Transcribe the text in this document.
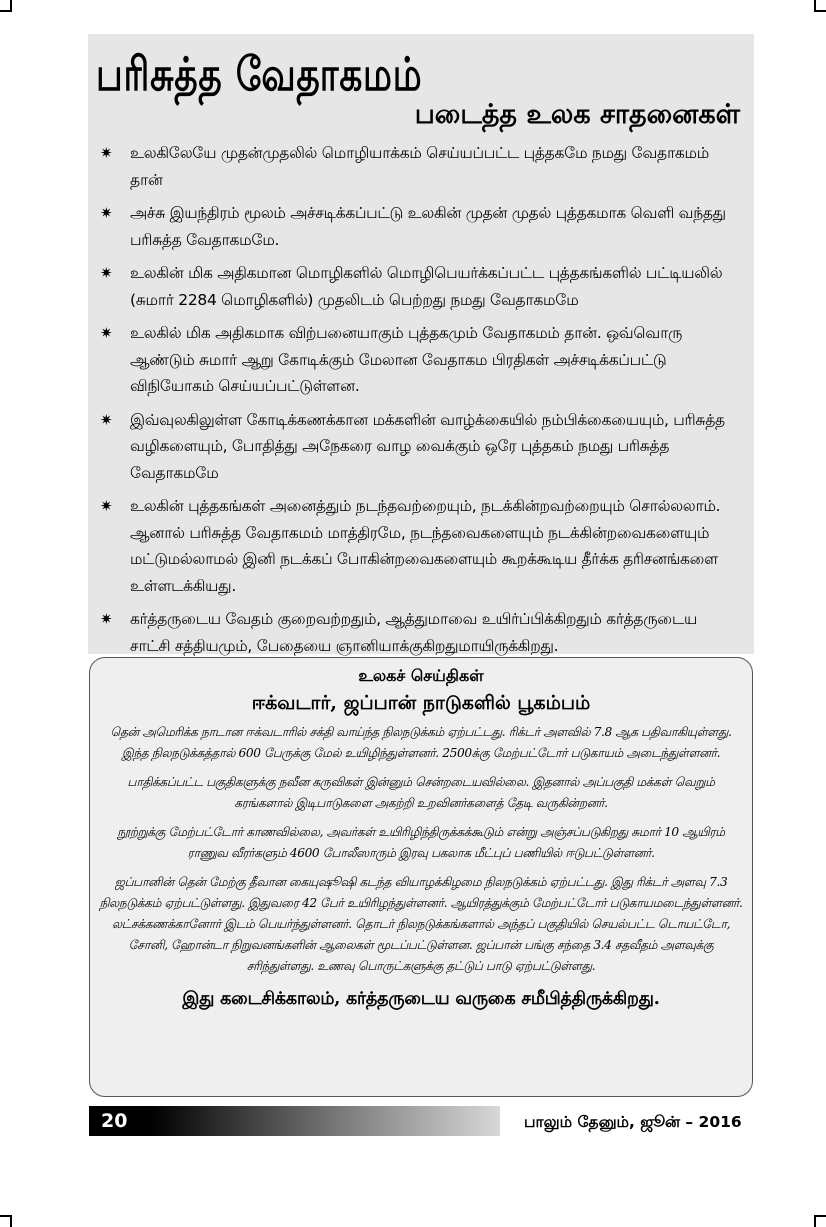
பரிசுத்த வேதாகமம்
படைத்த உலக சாதனைகள்
✷	உலகிலேயே முதன்முதலில் மொழியாக்கம் செய்யப்பட்ட புத்தகமே நமது வேதாகமம் தான்
✷	அச்சு இயந்திரம் மூலம் அச்சடிக்கப்பட்டு உலகின் முதன் முதல் புத்தகமாக வெளி வந்தது பரிசுத்த வேதாகமமே.
✷	உலகின் மிக அதிகமான மொழிகளில் மொழிபெயர்க்கப்பட்ட புத்தகங்களில் பட்டியலில் (சுமார் 2284 மொழிகளில்) முதலிடம் பெற்றது நமது வேதாகமமே
✷	உலகில் மிக அதிகமாக விற்பனையாகும் புத்தகமும் வேதாகமம் தான். ஒவ்வொரு ஆண்டும் சுமார் ஆறு கோடிக்கும் மேலான வேதாகம பிரதிகள் அச்சடிக்கப்பட்டு விநியோகம் செய்யப்பட்டுள்ளன.
✷	இவ்வுலகிலுள்ள கோடிக்கணக்கான மக்களின் வாழ்க்கையில் நம்பிக்கையையும், பரிசுத்த வழிகளையும், போதித்து அநேகரை வாழ வைக்கும் ஒரே புத்தகம் நமது பரிசுத்த வேதாகமமே
✷	உலகின் புத்தகங்கள் அனைத்தும் நடந்தவற்றையும், நடக்கின்றவற்றையும் சொல்லலாம். ஆனால் பரிசுத்த வேதாகமம் மாத்திரமே, நடந்தவைகளையும் நடக்கின்றவைகளையும் மட்டுமல்லாமல் இனி நடக்கப் போகின்றவைகளையும் கூறக்கூடிய தீர்க்க தரிசனங்களை உள்ளடக்கியது.
✷	கர்த்தருடைய வேதம் குறைவற்றதும், ஆத்துமாவை உயிர்ப்பிக்கிறதும் கர்த்தருடைய சாட்சி சத்தியமும், பேதையை ஞானியாக்குகிறதுமாயிருக்கிறது.
உலகச் செய்திகள்
ஈக்வடார், ஜப்பான் நாடுகளில் பூகம்பம்

தென் அமெரிக்க நாடான ஈக்வடாரில் சக்தி வாய்ந்த நிலநடுக்கம் ஏற்பட்டது. ரிக்டர் அளவில் 7.8 ஆக பதிவாகியுள்ளது. இந்த நிலநடுக்கத்தால் 600 பேருக்கு மேல் உயிழிந்துள்ளனர். 2500க்கு மேற்பட்டோர் படுகாயம் அடைந்துள்ளனர்.

பாதிக்கப்பட்ட பகுதிகளுக்கு நவீன கருவிகள் இன்னும் சென்றடையவில்லை. இதனால் அப்பகுதி மக்கள் வெறும் கரங்களால் இடிபாடுகளை அகற்றி உறவினர்களைத் தேடி வருகின்றனர்.

நூற்றுக்கு மேற்பட்டோர் காணவில்லை, அவர்கள் உயிரிழிந்திருக்கக்கூடும் என்று அஞ்சப்படுகிறது சுமார் 10 ஆயிரம் ராணுவ வீரர்களும் 4600 போலீஸாரும் இரவு பகலாக மீட்புப் பணியில் ஈடுபட்டுள்ளனர்.

ஜப்பானின் தென் மேற்கு தீவான கையுஷூஷி கடந்த வியாழக்கிழமை நிலநடுக்கம் ஏற்பட்டது. இது ரிக்டர் அளவு 7.3 நிலநடுக்கம் ஏற்பட்டுள்ளது. இதுவரை 42 பேர் உயிரிழந்துள்ளனர். ஆயிரத்துக்கும் மேற்பட்டோர் படுகாயமடைந்துள்ளனர். லட்சக்கணக்கானோர் இடம் பெயர்ந்துள்ளனர். தொடர் நிலநடுக்கங்களால் அந்தப் பகுதியில் செயல்பட்ட டொயட்டோ, சோனி, ஹோன்டா நிறுவனங்களின் ஆலைகள் மூடப்பட்டுள்ளன. ஜப்பான் பங்கு சந்தை 3.4 சதவீதம் அளவுக்கு சரிந்துள்ளது. உணவு பொருட்களுக்கு தட்டுப் பாடு ஏற்பட்டுள்ளது.

இது கடைசிக்காலம், கர்த்தருடைய வருகை சமீபித்திருக்கிறது.
20	பாலும் தேனும், ஜூன் – 2016
